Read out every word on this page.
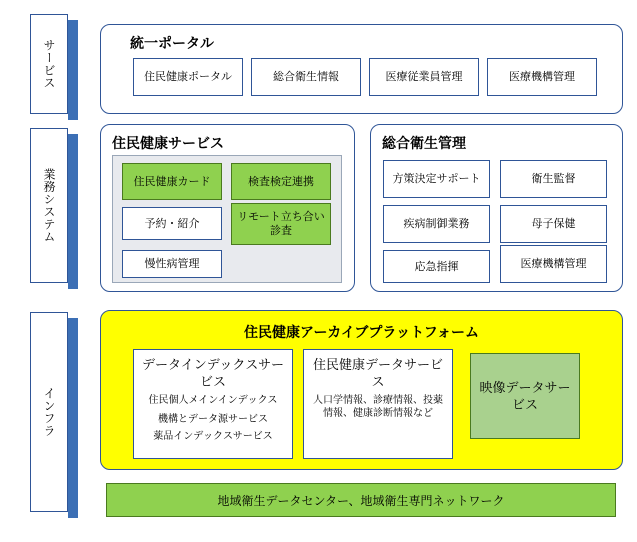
サービス	統一ポータル
住民健康ポータル	総合衛生情報	医療従業員管理	医療機構管理
業務システム
住民健康サービス
住民健康カード	検査検定連携
予約・紹介
リモート立ち合い診査
慢性病管理
総合衛生管理
方策決定サポート	衛生監督
疾病制御業務	母子保健
応急指揮	医療機構管理
インフラ
住民健康アーカイブプラットフォーム
データインデックスサービス
住民個人メインインデックス
機構とデータ源サービス
薬品インデックスサービス
住民健康データサービス
人口学情報、診療情報、投薬情報、健康診断情報など
映像データサービス
地域衛生データセンター、地域衛生専門ネットワーク
